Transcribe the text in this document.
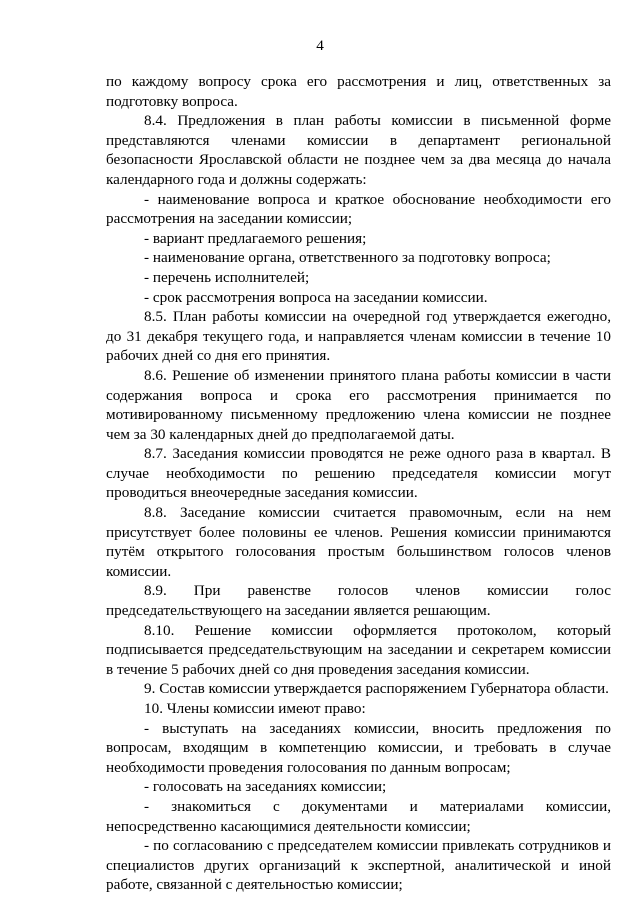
4

по каждому вопросу срока его рассмотрения и лиц, ответственных за подготовку вопроса.

8.4. Предложения в план работы комиссии в письменной форме представляются членами комиссии в департамент региональной безопасности Ярославской области не позднее чем за два месяца до начала календарного года и должны содержать:

- наименование вопроса и краткое обоснование необходимости его рассмотрения на заседании комиссии;

- вариант предлагаемого решения;

- наименование органа, ответственного за подготовку вопроса;

- перечень исполнителей;

- срок рассмотрения вопроса на заседании комиссии.

8.5. План работы комиссии на очередной год утверждается ежегодно, до 31 декабря текущего года, и направляется членам комиссии в течение 10 рабочих дней со дня его принятия.

8.6. Решение об изменении принятого плана работы комиссии в части содержания вопроса и срока его рассмотрения принимается по мотивированному письменному предложению члена комиссии не позднее чем за 30 календарных дней до предполагаемой даты.

8.7. Заседания комиссии проводятся не реже одного раза в квартал. В случае необходимости по решению председателя комиссии могут проводиться внеочередные заседания комиссии.

8.8. Заседание комиссии считается правомочным, если на нем присутствует более половины ее членов. Решения комиссии принимаются путём открытого голосования простым большинством голосов членов комиссии.

8.9. При равенстве голосов членов комиссии голос председательствующего на заседании является решающим.

8.10. Решение комиссии оформляется протоколом, который подписывается председательствующим на заседании и секретарем комиссии в течение 5 рабочих дней со дня проведения заседания комиссии.

9. Состав комиссии утверждается распоряжением Губернатора области.

10. Члены комиссии имеют право:

- выступать на заседаниях комиссии, вносить предложения по вопросам, входящим в компетенцию комиссии, и требовать в случае необходимости проведения голосования по данным вопросам;

- голосовать на заседаниях комиссии;

- знакомиться с документами и материалами комиссии, непосредственно касающимися деятельности комиссии;

- по согласованию с председателем комиссии привлекать сотрудников и специалистов других организаций к экспертной, аналитической и иной работе, связанной с деятельностью комиссии;
